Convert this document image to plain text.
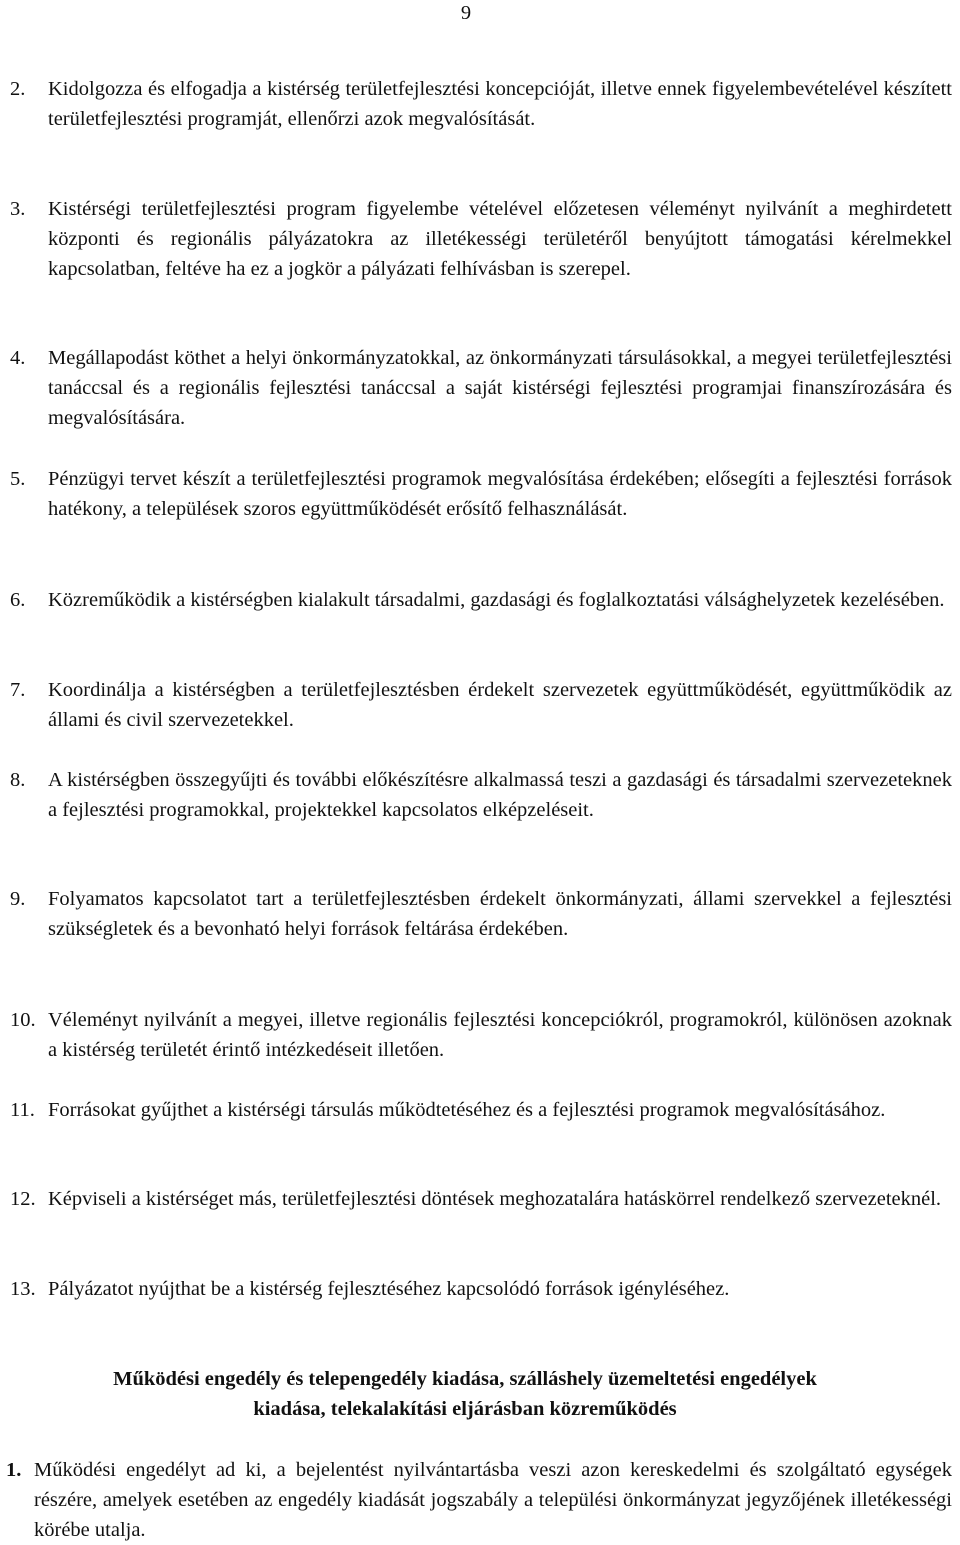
9
2.	Kidolgozza és elfogadja a kistérség területfejlesztési koncepcióját, illetve ennek figyelembevételével készített területfejlesztési programját, ellenőrzi azok megvalósítását.
3.	Kistérségi területfejlesztési program figyelembe vételével előzetesen véleményt nyilvánít a meghirdetett központi és regionális pályázatokra az illetékességi területéről benyújtott támogatási kérelmekkel kapcsolatban, feltéve ha ez a jogkör a pályázati felhívásban is szerepel.
4.	Megállapodást köthet a helyi önkormányzatokkal, az önkormányzati társulásokkal, a megyei területfejlesztési tanáccsal és a regionális fejlesztési tanáccsal a saját kistérségi fejlesztési programjai finanszírozására és megvalósítására.
5.	Pénzügyi tervet készít a területfejlesztési programok megvalósítása érdekében; elősegíti a fejlesztési források hatékony, a települések szoros együttműködését erősítő felhasználását.
6.	Közreműködik a kistérségben kialakult társadalmi, gazdasági és foglalkoztatási válsághelyzetek kezelésében.
7.	Koordinálja a kistérségben a területfejlesztésben érdekelt szervezetek együttműködését, együttműködik az állami és civil szervezetekkel.
8.	A kistérségben összegyűjti és további előkészítésre alkalmassá teszi a gazdasági és társadalmi szervezeteknek a fejlesztési programokkal, projektekkel kapcsolatos elképzeléseit.
9.	Folyamatos kapcsolatot tart a területfejlesztésben érdekelt önkormányzati, állami szervekkel a fejlesztési szükségletek és a bevonható helyi források feltárása érdekében.
10. Véleményt nyilvánít a megyei, illetve regionális fejlesztési koncepciókról, programokról, különösen azoknak a kistérség területét érintő intézkedéseit illetően.
11. Forrásokat gyűjthet a kistérségi társulás működtetéséhez és a fejlesztési programok megvalósításához.
12. Képviseli a kistérséget más, területfejlesztési döntések meghozatalára hatáskörrel rendelkező szervezeteknél.
13. Pályázatot nyújthat be a kistérség fejlesztéséhez kapcsolódó források igényléséhez.
Működési engedély és telepengedély kiadása, szálláshely üzemeltetési engedélyek
kiadása, telekalakítási eljárásban közreműködés
1. Működési engedélyt ad ki, a bejelentést nyilvántartásba veszi azon kereskedelmi és szolgáltató egységek részére, amelyek esetében az engedély kiadását jogszabály a települési önkormányzat jegyzőjének illetékességi körébe utalja.
